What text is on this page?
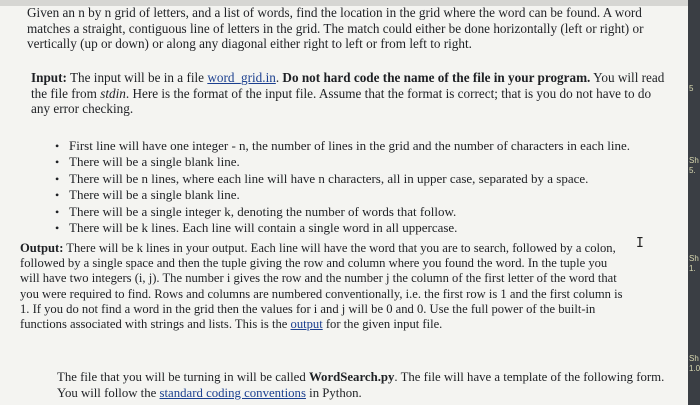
Given an n by n grid of letters, and a list of words, find the location in the grid where the word can be found. A word
matches a straight, contiguous line of letters in the grid. The match could either be done horizontally (left or right) or
vertically (up or down) or along any diagonal either right to left or from left to right.
Input: The input will be in a file word_grid.in. Do not hard code the name of the file in your program. You will read
the file from stdin. Here is the format of the input file. Assume that the format is correct; that is you do not have to do
any error checking.
• First line will have one integer - n, the number of lines in the grid and the number of characters in each line.
• There will be a single blank line.
• There will be n lines, where each line will have n characters, all in upper case, separated by a space.
• There will be a single blank line.
• There will be a single integer k, denoting the number of words that follow.
• There will be k lines. Each line will contain a single word in all uppercase.
Output: There will be k lines in your output. Each line will have the word that you are to search, followed by a colon,
followed by a single space and then the tuple giving the row and column where you found the word. In the tuple you
will have two integers (i, j). The number i gives the row and the number j the column of the first letter of the word that
you were required to find. Rows and columns are numbered conventionally, i.e. the first row is 1 and the first column is
1. If you do not find a word in the grid then the values for i and j will be 0 and 0. Use the full power of the built-in
functions associated with strings and lists. This is the output for the given input file.
The file that you will be turning in will be called WordSearch.py. The file will have a template of the following form.
You will follow the standard coding conventions in Python.
I
5
Sh
5.
Sh
1.
Sh
1.0
